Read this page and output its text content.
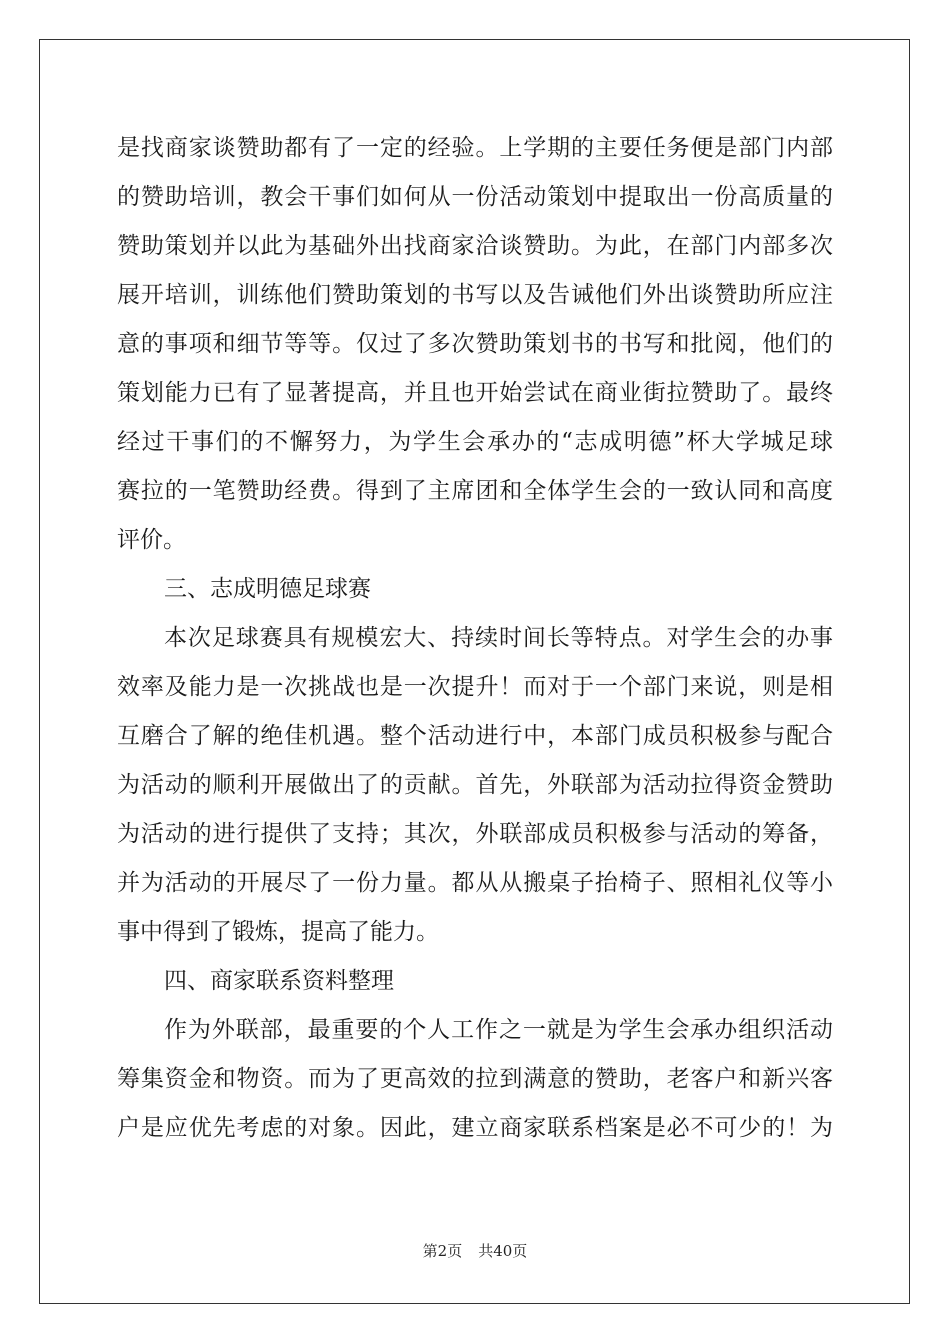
是找商家谈赞助都有了一定的经验。上学期的主要任务便是部门内部
的赞助培训，教会干事们如何从一份活动策划中提取出一份高质量的
赞助策划并以此为基础外出找商家洽谈赞助。为此，在部门内部多次
展开培训，训练他们赞助策划的书写以及告诫他们外出谈赞助所应注
意的事项和细节等等。仅过了多次赞助策划书的书写和批阅，他们的
策划能力已有了显著提高，并且也开始尝试在商业街拉赞助了。最终
经过干事们的不懈努力，为学生会承办的“志成明德”杯大学城足球
赛拉的一笔赞助经费。得到了主席团和全体学生会的一致认同和高度
评价。
三、志成明德足球赛
本次足球赛具有规模宏大、持续时间长等特点。对学生会的办事
效率及能力是一次挑战也是一次提升！而对于一个部门来说，则是相
互磨合了解的绝佳机遇。整个活动进行中，本部门成员积极参与配合
为活动的顺利开展做出了的贡献。首先，外联部为活动拉得资金赞助
为活动的进行提供了支持；其次，外联部成员积极参与活动的筹备，
并为活动的开展尽了一份力量。都从从搬桌子抬椅子、照相礼仪等小
事中得到了锻炼，提高了能力。
四、商家联系资料整理
作为外联部，最重要的个人工作之一就是为学生会承办组织活动
筹集资金和物资。而为了更高效的拉到满意的赞助，老客户和新兴客
户是应优先考虑的对象。因此，建立商家联系档案是必不可少的！为
第2页 共40页
